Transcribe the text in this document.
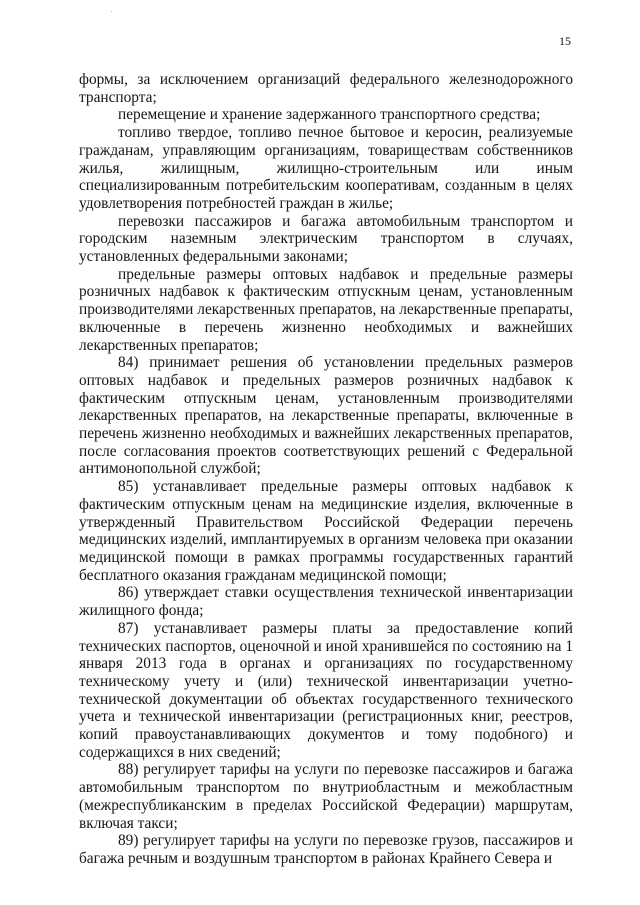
15

формы, за исключением организаций федерального железнодорожного транспорта;

перемещение и хранение задержанного транспортного средства;

топливо твердое, топливо печное бытовое и керосин, реализуемые гражданам, управляющим организациям, товариществам собственников жилья, жилищным, жилищно-строительным или иным специализированным потребительским кооперативам, созданным в целях удовлетворения потребностей граждан в жилье;

перевозки пассажиров и багажа автомобильным транспортом и городским наземным электрическим транспортом в случаях, установленных федеральными законами;

предельные размеры оптовых надбавок и предельные размеры розничных надбавок к фактическим отпускным ценам, установленным производителями лекарственных препаратов, на лекарственные препараты, включенные в перечень жизненно необходимых и важнейших лекарственных препаратов;

84) принимает решения об установлении предельных размеров оптовых надбавок и предельных размеров розничных надбавок к фактическим отпускным ценам, установленным производителями лекарственных препаратов, на лекарственные препараты, включенные в перечень жизненно необходимых и важнейших лекарственных препаратов, после согласования проектов соответствующих решений с Федеральной антимонопольной службой;

85) устанавливает предельные размеры оптовых надбавок к фактическим отпускным ценам на медицинские изделия, включенные в утвержденный Правительством Российской Федерации перечень медицинских изделий, имплантируемых в организм человека при оказании медицинской помощи в рамках программы государственных гарантий бесплатного оказания гражданам медицинской помощи;

86) утверждает ставки осуществления технической инвентаризации жилищного фонда;

87) устанавливает размеры платы за предоставление копий технических паспортов, оценочной и иной хранившейся по состоянию на 1 января 2013 года в органах и организациях по государственному техническому учету и (или) технической инвентаризации учетно-технической документации об объектах государственного технического учета и технической инвентаризации (регистрационных книг, реестров, копий правоустанавливающих документов и тому подобного) и содержащихся в них сведений;

88) регулирует тарифы на услуги по перевозке пассажиров и багажа автомобильным транспортом по внутриобластным и межобластным (межреспубликанским в пределах Российской Федерации) маршрутам, включая такси;

89) регулирует тарифы на услуги по перевозке грузов, пассажиров и багажа речным и воздушным транспортом в районах Крайнего Севера и
